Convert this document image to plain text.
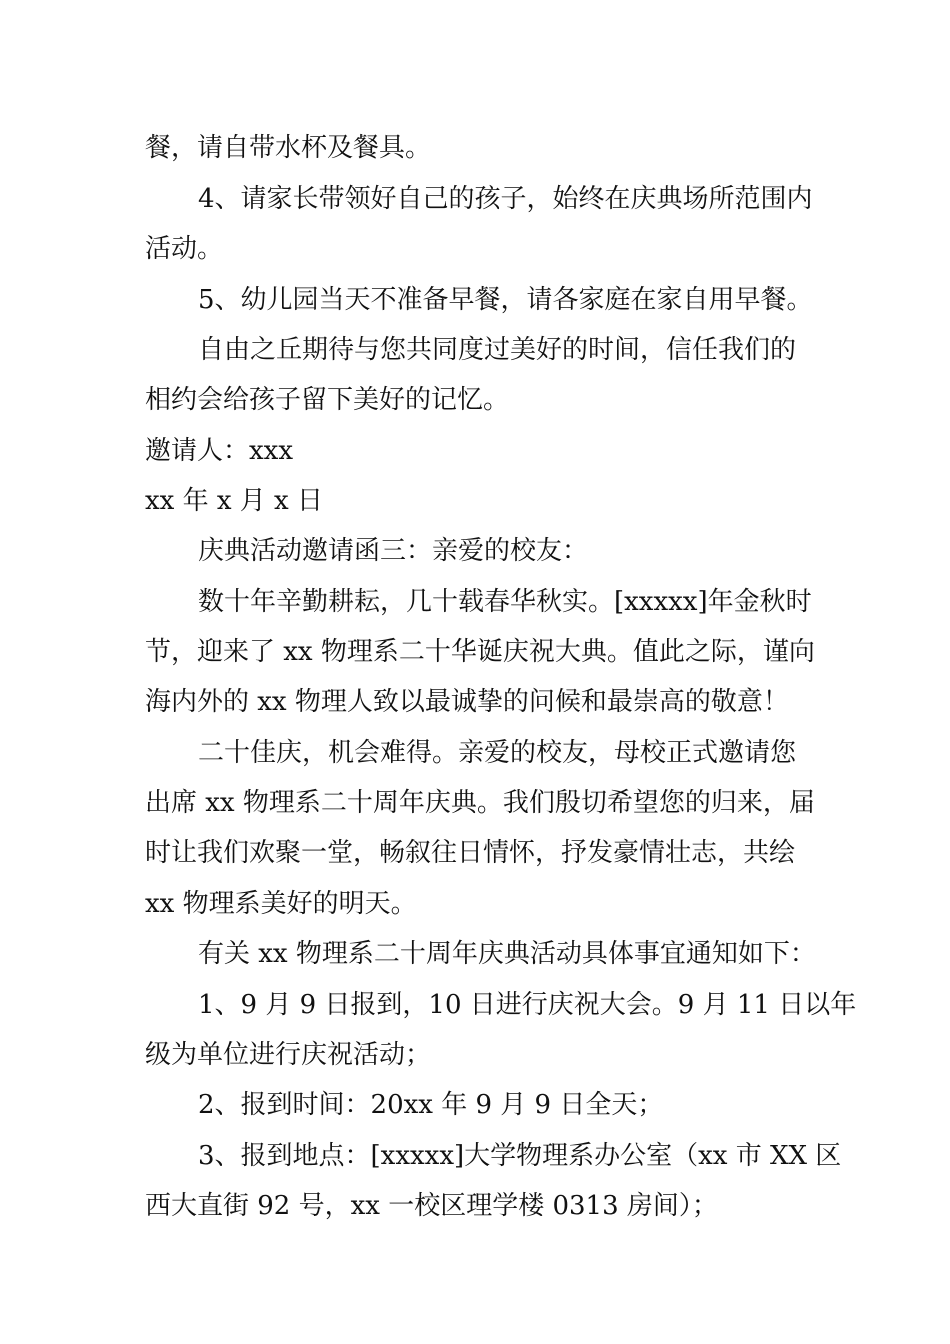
餐，请自带水杯及餐具。
4、请家长带领好自己的孩子，始终在庆典场所范围内
活动。
5、幼儿园当天不准备早餐，请各家庭在家自用早餐。
自由之丘期待与您共同度过美好的时间，信任我们的
相约会给孩子留下美好的记忆。
邀请人：xxx
xx 年 x 月 x 日
庆典活动邀请函三：亲爱的校友：
数十年辛勤耕耘，几十载春华秋实。[xxxxx]年金秋时
节，迎来了 xx 物理系二十华诞庆祝大典。值此之际，谨向
海内外的 xx 物理人致以最诚挚的问候和最崇高的敬意！
二十佳庆，机会难得。亲爱的校友，母校正式邀请您
出席 xx 物理系二十周年庆典。我们殷切希望您的归来，届
时让我们欢聚一堂，畅叙往日情怀，抒发豪情壮志，共绘
xx 物理系美好的明天。
有关 xx 物理系二十周年庆典活动具体事宜通知如下：
1、9 月 9 日报到，10 日进行庆祝大会。9 月 11 日以年
级为单位进行庆祝活动；
2、报到时间：20xx 年 9 月 9 日全天；
3、报到地点：[xxxxx]大学物理系办公室（xx 市 XX 区
西大直街 92 号，xx 一校区理学楼 0313 房间）；
